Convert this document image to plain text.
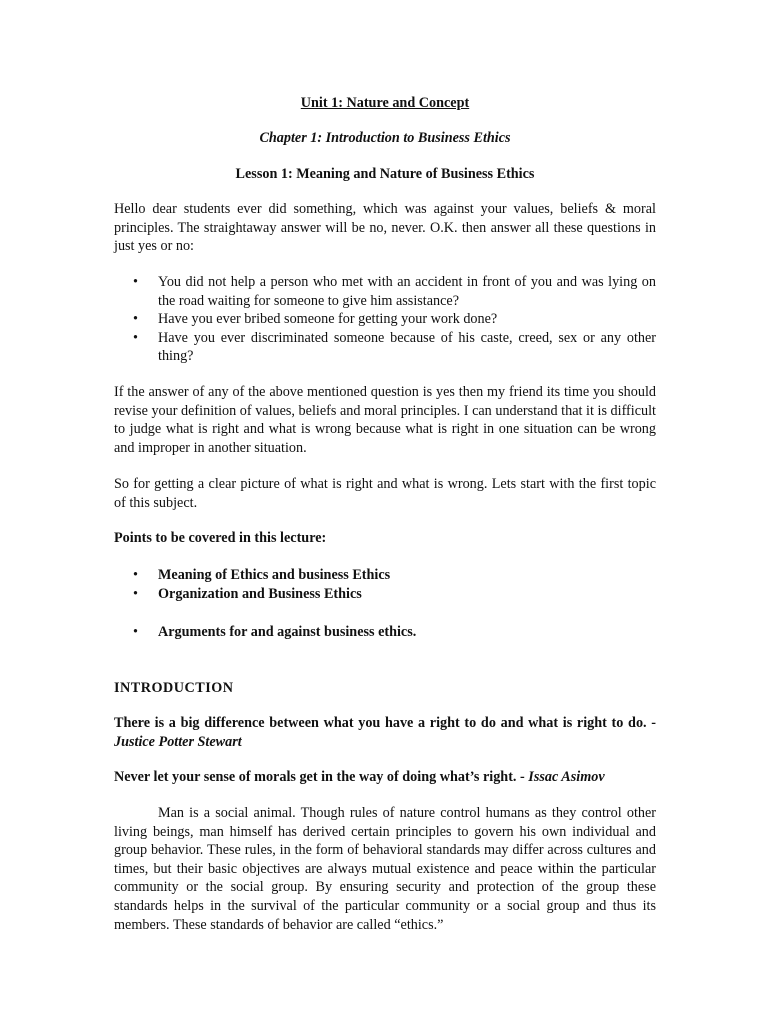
Unit 1: Nature and Concept
Chapter 1: Introduction to Business Ethics
Lesson 1: Meaning and Nature of Business Ethics

Hello dear students ever did something, which was against your values, beliefs & moral principles. The straightaway answer will be no, never. O.K. then answer all these questions in just yes or no:

• You did not help a person who met with an accident in front of you and was lying on the road waiting for someone to give him assistance?
• Have you ever bribed someone for getting your work done?
• Have you ever discriminated someone because of his caste, creed, sex or any other thing?

If the answer of any of the above mentioned question is yes then my friend its time you should revise your definition of values, beliefs and moral principles. I can understand that it is difficult to judge what is right and what is wrong because what is right in one situation can be wrong and improper in another situation.

So for getting a clear picture of what is right and what is wrong. Lets start with the first topic of this subject.

Points to be covered in this lecture:

• Meaning of Ethics and business Ethics
• Organization and Business Ethics
• Arguments for and against business ethics.
INTRODUCTION

There is a big difference between what you have a right to do and what is right to do. - Justice Potter Stewart

Never let your sense of morals get in the way of doing what’s right. - Issac Asimov

Man is a social animal. Though rules of nature control humans as they control other living beings, man himself has derived certain principles to govern his own individual and group behavior. These rules, in the form of behavioral standards may differ across cultures and times, but their basic objectives are always mutual existence and peace within the particular community or the social group. By ensuring security and protection of the group these standards helps in the survival of the particular community or a social group and thus its members. These standards of behavior are called “ethics.”
